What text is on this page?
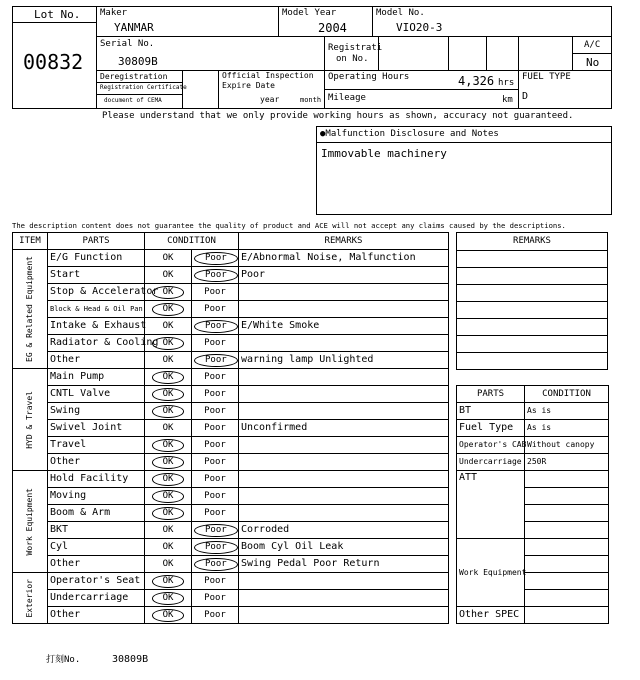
Lot No.
00832
Maker
YANMAR
Model Year
2004
Model No.
VIO20-3
Serial No.
30809B
Registrati
on No.
A/C
No
Deregistration
Registration Certificate
document of CEMA
Official Inspection
Expire Date
year	month
Operating Hours	4,326 hrs
Mileage	km
FUEL TYPE
D
Please understand that we only provide working hours as shown, accuracy not guaranteed.
●Malfunction Disclosure and Notes
Immovable machinery
The description content does not guarantee the quality of product and ACE will not accept any claims caused by the descriptions.
ITEM	PARTS	CONDITION		REMARKS

EG & Related Equipment	E/G Function	OK	Poor	E/Abnormal Noise, Malfunction
	Start	OK	Poor	Poor
	Stop & Accelerator	OK	Poor	
	Block & Head & Oil Pan	OK	Poor	
	Intake & Exhaust	OK	Poor	E/White Smoke
	Radiator & Cooling	OK	Poor	
	Other	OK	Poor	warning lamp Unlighted

HYD & Travel	Main Pump	OK	Poor	
	CNTL Valve	OK	Poor	
	Swing	OK	Poor	
	Swivel Joint	OK	Poor	Unconfirmed
	Travel	OK	Poor	
	Other	OK	Poor	

Work Equipment	Hold Facility	OK	Poor	
	Moving	OK	Poor	
	Boom & Arm	OK	Poor	
	BKT	OK	Poor	Corroded
	Cyl	OK	Poor	Boom Cyl Oil Leak
	Other	OK	Poor	Swing Pedal Poor Return

Exterior	Operator's Seat	OK	Poor	
	Undercarriage	OK	Poor	
	Other	OK	Poor	
REMARKS

PARTS	CONDITION
BT	As is
Fuel Type	As is
Operator's CAB	Without canopy
Undercarriage	250R
ATT	

Work Equipment	

Other SPEC	
打刻No.	30809B
